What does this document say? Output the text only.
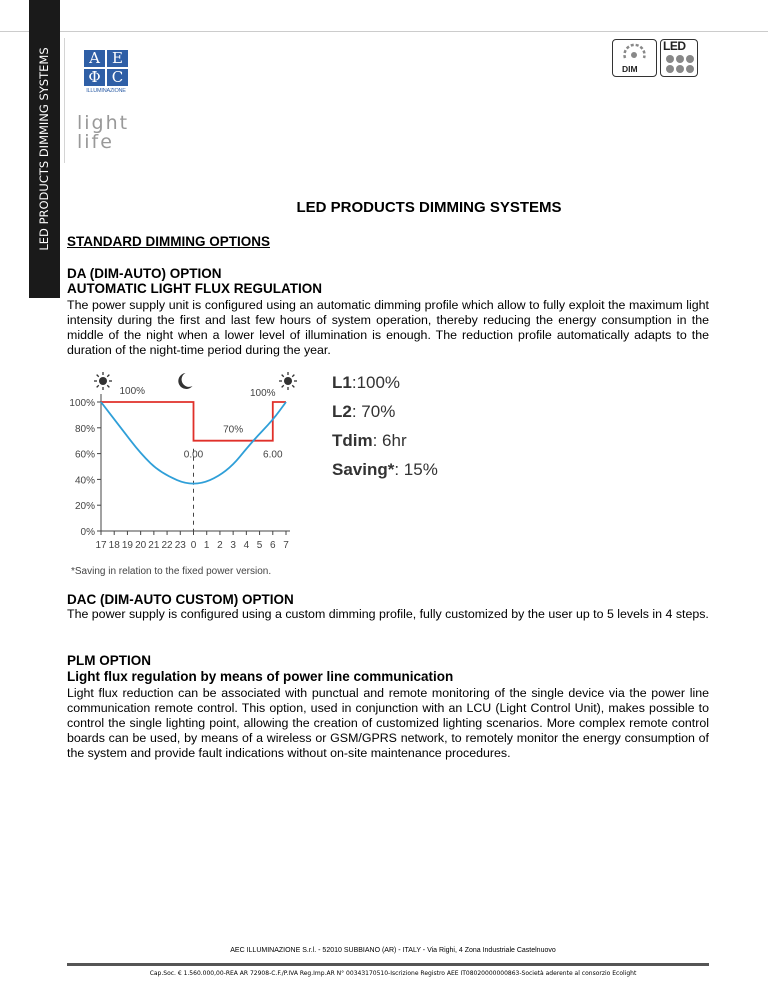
LED PRODUCTS DIMMING SYSTEMS	A E
Φ C
ILLUMINAZIONE
light
life
DIM
LED
LED PRODUCTS DIMMING SYSTEMS
STANDARD DIMMING OPTIONS
DA (DIM-AUTO) OPTION
AUTOMATIC LIGHT FLUX REGULATION

The power supply unit is configured using an automatic dimming profile which allow to fully exploit the maximum light intensity during the first and last few hours of system operation, thereby reducing the energy consumption in the middle of the night when a lower level of illumination is enough. The reduction profile automatically adapts to the duration of the night-time period during the year.

0%
20%
40%
60%
80%
100%
17 18 19 20 21 22 23 0 1 2 3 4 5 6 7
100%	100%
70%
0.00	6.00
L1:100%
L2: 70%
Tdim: 6hr
Saving*: 15%
*Saving in relation to the fixed power version.
DAC (DIM-AUTO CUSTOM) OPTION

The power supply is configured using a custom dimming profile, fully customized by the user up to 5 levels in 4 steps.

PLM OPTION
Light flux regulation by means of power line communication

Light flux reduction can be associated with punctual and remote monitoring of the single device via the power line communication remote control. This option, used in conjunction with an LCU (Light Control Unit), makes possible to control the single lighting point, allowing the creation of customized lighting scenarios. More complex remote control boards can be used, by means of a wireless or GSM/GPRS network, to remotely monitor the energy consumption of the system and provide fault indications without on-site maintenance procedures.

AEC ILLUMINAZIONE S.r.l. - 52010 SUBBIANO (AR) - ITALY - Via Righi, 4 Zona Industriale Castelnuovo

Cap.Soc. € 1.560.000,00-REA AR 72908-C.F./P.IVA Reg.Imp.AR N° 00343170510-Iscrizione Registro AEE IT08020000000863-Società aderente al consorzio Ecolight
